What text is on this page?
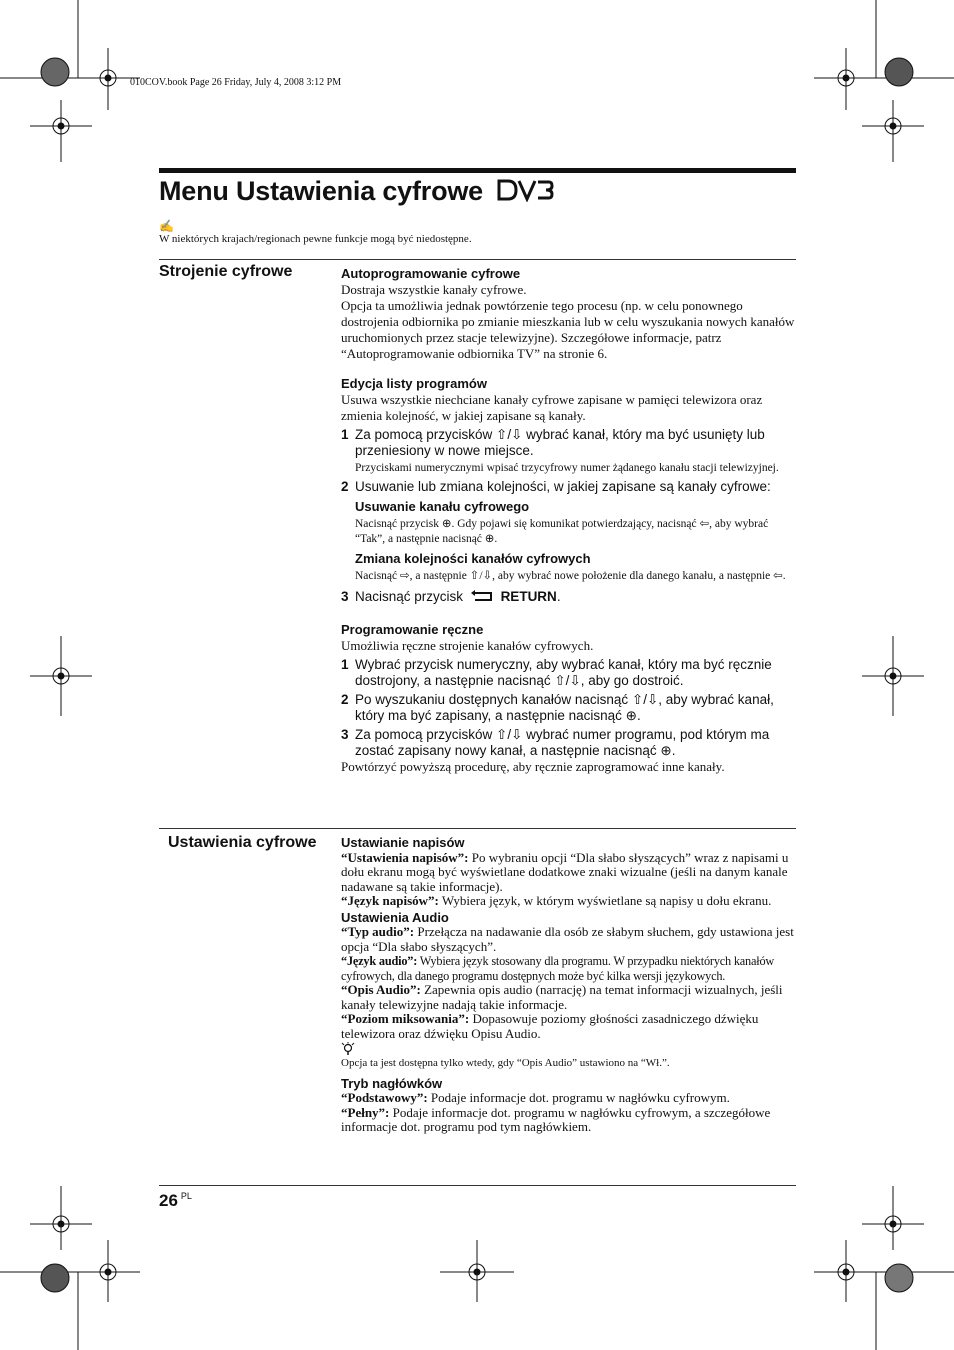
010COV.book Page 26 Friday, July 4, 2008 3:12 PM
Menu Ustawienia cyfrowe
✍
W niektórych krajach/regionach pewne funkcje mogą być niedostępne.
Strojenie cyfrowe	Autoprogramowanie cyfrowe

Dostraja wszystkie kanały cyfrowe.

Opcja ta umożliwia jednak powtórzenie tego procesu (np. w celu ponownego dostrojenia odbiornika po zmianie mieszkania lub w celu wyszukania nowych kanałów uruchomionych przez stacje telewizyjne). Szczegółowe informacje, patrz “Autoprogramowanie odbiornika TV” na stronie 6.

Edycja listy programów

Usuwa wszystkie niechciane kanały cyfrowe zapisane w pamięci telewizora oraz zmienia kolejność, w jakiej zapisane są kanały.

1 Za pomocą przycisków ⇧/⇩ wybrać kanał, który ma być usunięty lub przeniesiony w nowe miejsce.

Przyciskami numerycznymi wpisać trzycyfrowy numer żądanego kanału stacji telewizyjnej.

2 Usuwanie lub zmiana kolejności, w jakiej zapisane są kanały cyfrowe:
Usuwanie kanału cyfrowego

Nacisnąć przycisk ⊕. Gdy pojawi się komunikat potwierdzający, nacisnąć ⇦, aby wybrać “Tak”, a następnie nacisnąć ⊕.

Zmiana kolejności kanałów cyfrowych

Nacisnąć ⇨, a następnie ⇧/⇩, aby wybrać nowe położenie dla danego kanału, a następnie ⇦.

3 Nacisnąć przycisk	RETURN.
Programowanie ręczne

Umożliwia ręczne strojenie kanałów cyfrowych.

1 Wybrać przycisk numeryczny, aby wybrać kanał, który ma być ręcznie dostrojony, a następnie nacisnąć ⇧/⇩, aby go dostroić.
2 Po wyszukaniu dostępnych kanałów nacisnąć ⇧/⇩, aby wybrać kanał, który ma być zapisany, a następnie nacisnąć ⊕.
3 Za pomocą przycisków ⇧/⇩ wybrać numer programu, pod którym ma zostać zapisany nowy kanał, a następnie nacisnąć ⊕.

Powtórzyć powyższą procedurę, aby ręcznie zaprogramować inne kanały.

Ustawienia cyfrowe Ustawianie napisów

“Ustawienia napisów”: Po wybraniu opcji “Dla słabo słyszących” wraz z napisami u dołu ekranu mogą być wyświetlane dodatkowe znaki wizualne (jeśli na danym kanale nadawane są takie informacje).

“Język napisów”: Wybiera język, w którym wyświetlane są napisy u dołu ekranu.

Ustawienia Audio

“Typ audio”: Przełącza na nadawanie dla osób ze słabym słuchem, gdy ustawiona jest opcja “Dla słabo słyszących”.

“Język audio”: Wybiera język stosowany dla programu. W przypadku niektórych kanałów cyfrowych, dla danego programu dostępnych może być kilka wersji językowych.

“Opis Audio”: Zapewnia opis audio (narrację) na temat informacji wizualnych, jeśli kanały telewizyjne nadają takie informacje.

“Poziom miksowania”: Dopasowuje poziomy głośności zasadniczego dźwięku telewizora oraz dźwięku Opisu Audio.

Opcja ta jest dostępna tylko wtedy, gdy “Opis Audio” ustawiono na “Wł.”.

Tryb nagłówków

“Podstawowy”: Podaje informacje dot. programu w nagłówku cyfrowym.

“Pełny”: Podaje informacje dot. programu w nagłówku cyfrowym, a szczegółowe informacje dot. programu pod tym nagłówkiem.

26 $^{PL}$
